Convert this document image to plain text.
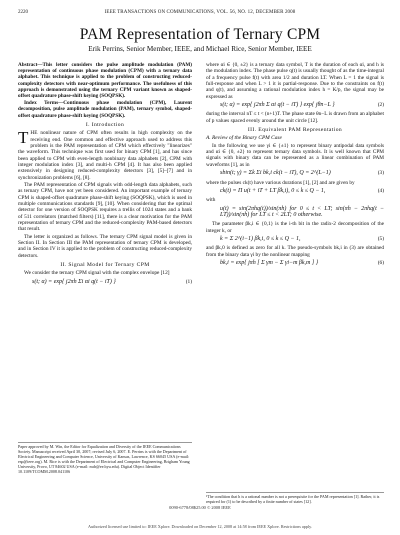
2220	IEEE TRANSACTIONS ON COMMUNICATIONS, VOL. 56, NO. 12, DECEMBER 2008
PAM Representation of Ternary CPM
Erik Perrins, Senior Member, IEEE, and Michael Rice, Senior Member, IEEE

Abstract—This letter considers the pulse amplitude modulation (PAM) representation of continuous phase modulation (CPM) with a ternary data alphabet. This technique is applied to the problem of constructing reduced-complexity detectors with near-optimum performance. The usefulness of this approach is demonstrated using the ternary CPM variant known as shaped-offset quadrature phase-shift keying (SOQPSK).

Index Terms—Continuous phase modulation (CPM), Laurent decomposition, pulse amplitude modulation (PAM), ternary symbol, shaped-offset quadrature phase-shift keying (SOQPSK).

I. Introduction

THE nonlinear nature of CPM often results in high complexity on the receiving end. One common and effective approach used to address this problem is the PAM representation of CPM which effectively "linearizes" the waveform. This technique was first used for binary CPM [1], and has since been applied to CPM with even-length nonbinary data alphabets [2], CPM with integer modulation index [3], and multi-h CPM [4]. It has also been applied extensively in designing reduced-complexity detectors [3], [5]–[7] and in synchronization problems [6], [8].

The PAM representation of CPM signals with odd-length data alphabets, such as ternary CPM, have not yet been considered. An important example of ternary CPM is shaped-offset quadrature phase-shift keying (SOQPSK), which is used in multiple communications standards [9], [10]. When considering that the optimal detector for one version of SOQPSK requires a trellis of 1024 states and a bank of 511 correlators (matched filters) [11], there is a clear motivation for the PAM representation of ternary CPM and the reduced-complexity PAM-based detectors that result.

The letter is organized as follows. The ternary CPM signal model is given in Section II. In Section III the PAM representation of ternary CPM is developed, and in Section IV it is applied to the problem of constructing reduced-complexity detectors.

II. Signal Model for Ternary CPM

We consider the ternary CPM signal with the complex envelope [12]

s(t; α) = exp{ j2πh Σi αi q(t − iT) }	(1)
Paper approved by M. Win, the Editor for Equalization and Diversity of the IEEE Communications Society. Manuscript received April 30, 2007; revised July 6, 2007. E. Perrins is with the Department of Electrical Engineering and Computer Science, University of Kansas, Lawrence, KS 66045 USA (e-mail: esp@ieee.org). M. Rice is with the Department of Electrical and Computer Engineering, Brigham Young University, Provo, UT 84602 USA (e-mail: mdr@ee.byu.edu). Digital Object Identifier 10.1109/TCOMM.2008.041106

where αi ∈ {0, ±2} is a ternary data symbol, T is the duration of each αi, and h is the modulation index. The phase pulse q(t) is usually thought of as the time-integral of a frequency pulse f(t) with area 1/2 and duration LT. When L = 1 the signal is full-response and when L > 1 it is partial-response. Due to the constraints on f(t) and q(t), and assuming a rational modulation index h = K/p, the signal may be expressed as

s(t; α) = exp{ j2πh Σ αi q(t − iT) } exp{ jθn−L }	(2)

during the interval nT ≤ t < (n+1)T. The phase state θn−L is drawn from an alphabet of p values spaced evenly around the unit circle [12].

III. Equivalent PAM Representation
A. Review of the Binary CPM Case

In the following we use γi ∈ {±1} to represent binary antipodal data symbols and αi ∈ {0, ±2} to represent ternary data symbols. It is well known that CPM signals with binary data can be represented as a linear combination of PAM waveforms [1], as in

sbin(t; γ) = Σk Σi bk,i ck(t − iT), Q = 2^(L−1)	(3)

where the pulses ck(t) have various durations [1], [2] and are given by

ck(t) = Π u(t + iT + LT βk,i), 0 ≤ k ≤ Q − 1,	(4)

with

u(t) = sin(2πhq(t))/sin(πh) for 0 ≤ t < LT; sin(πh − 2πhq(t − LT))/sin(πh) for LT ≤ t < 2LT; 0 otherwise.

The parameter βk,i ∈ {0,1} is the i-th bit in the radix-2 decomposition of the integer k, or

k = Σ 2^(i−1) βk,i, 0 ≤ k ≤ Q − 1,	(5)

and βk,0 is defined as zero for all k. The pseudo-symbols bk,i in (3) are obtained from the binary data γi by the nonlinear mapping

bk,i = exp{ jπh [ Σ γm − Σ γi−m βk,m ] }	(6)
¹The condition that h is a rational number is not a prerequisite for the PAM representation [1]. Rather, it is required for (1) to be described by a finite number of states [12].
0090-6778/08$25.00 © 2008 IEEE
Authorized licensed use limited to: IEEE Xplore. Downloaded on December 12, 2008 at 14:58 from IEEE Xplore. Restrictions apply.
